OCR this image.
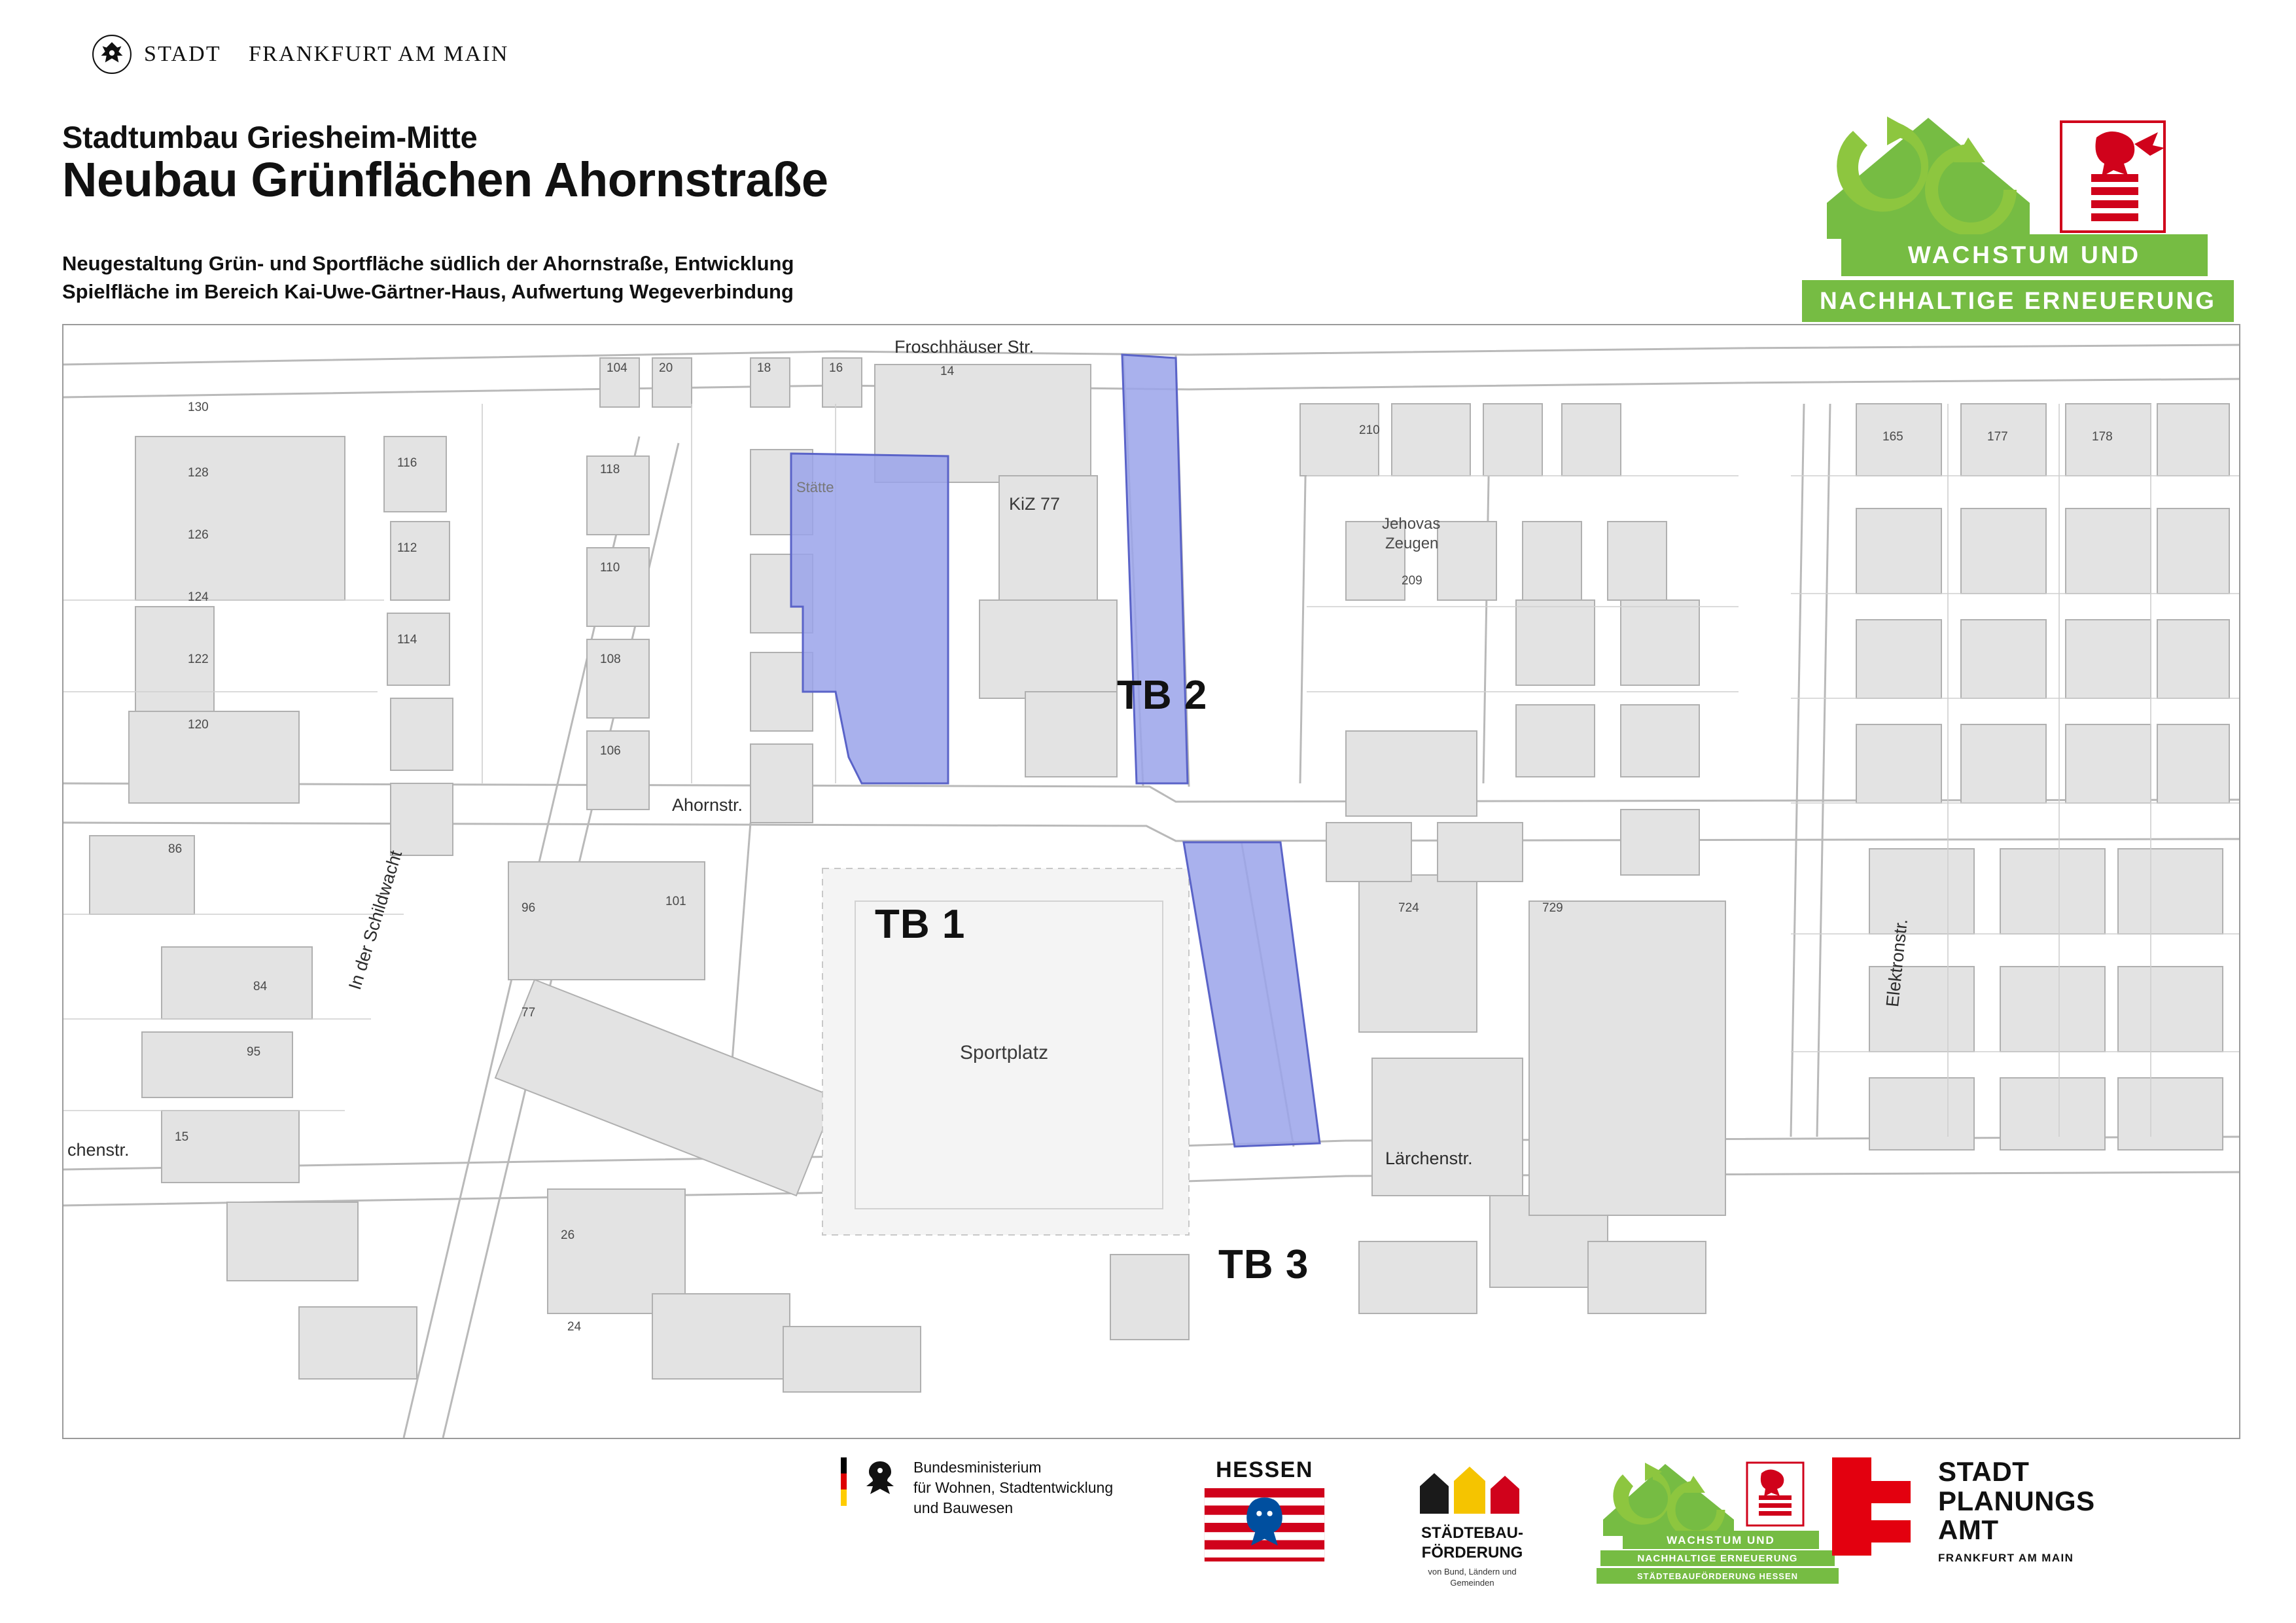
STADT FRANKFURT AM MAIN
Stadtumbau Griesheim-Mitte
Neubau Grünflächen Ahornstraße
Neugestaltung Grün- und Sportfläche südlich der Ahornstraße, Entwicklung
Spielfläche im Bereich Kai-Uwe-Gärtner-Haus, Aufwertung Wegeverbindung
WACHSTUM UND
NACHHALTIGE ERNEUERUNG
TB 1
TB 2
TB 3
Froschhäuser Str.
Ahornstr.
Lärchenstr.
In der Schildwacht	Elektronstr.
chenstr.
Sportplatz
KiZ 77
Jehovas
Zeugen
Stätte
130
128
126
124
122
120
116
112
114
118
110
108
106
104	20	18	16	14
210
209
165	177	178
96
77
26
24
101
86
84
95
15
724	729
Bundesministerium
für Wohnen, Stadtentwicklung
und Bauwesen
HESSEN
STÄDTEBAU-
FÖRDERUNG
von Bund, Ländern und
Gemeinden
WACHSTUM UND
NACHHALTIGE ERNEUERUNG
STÄDTEBAUFÖRDERUNG HESSEN
STADT
PLANUNGS
AMT
FRANKFURT AM MAIN
